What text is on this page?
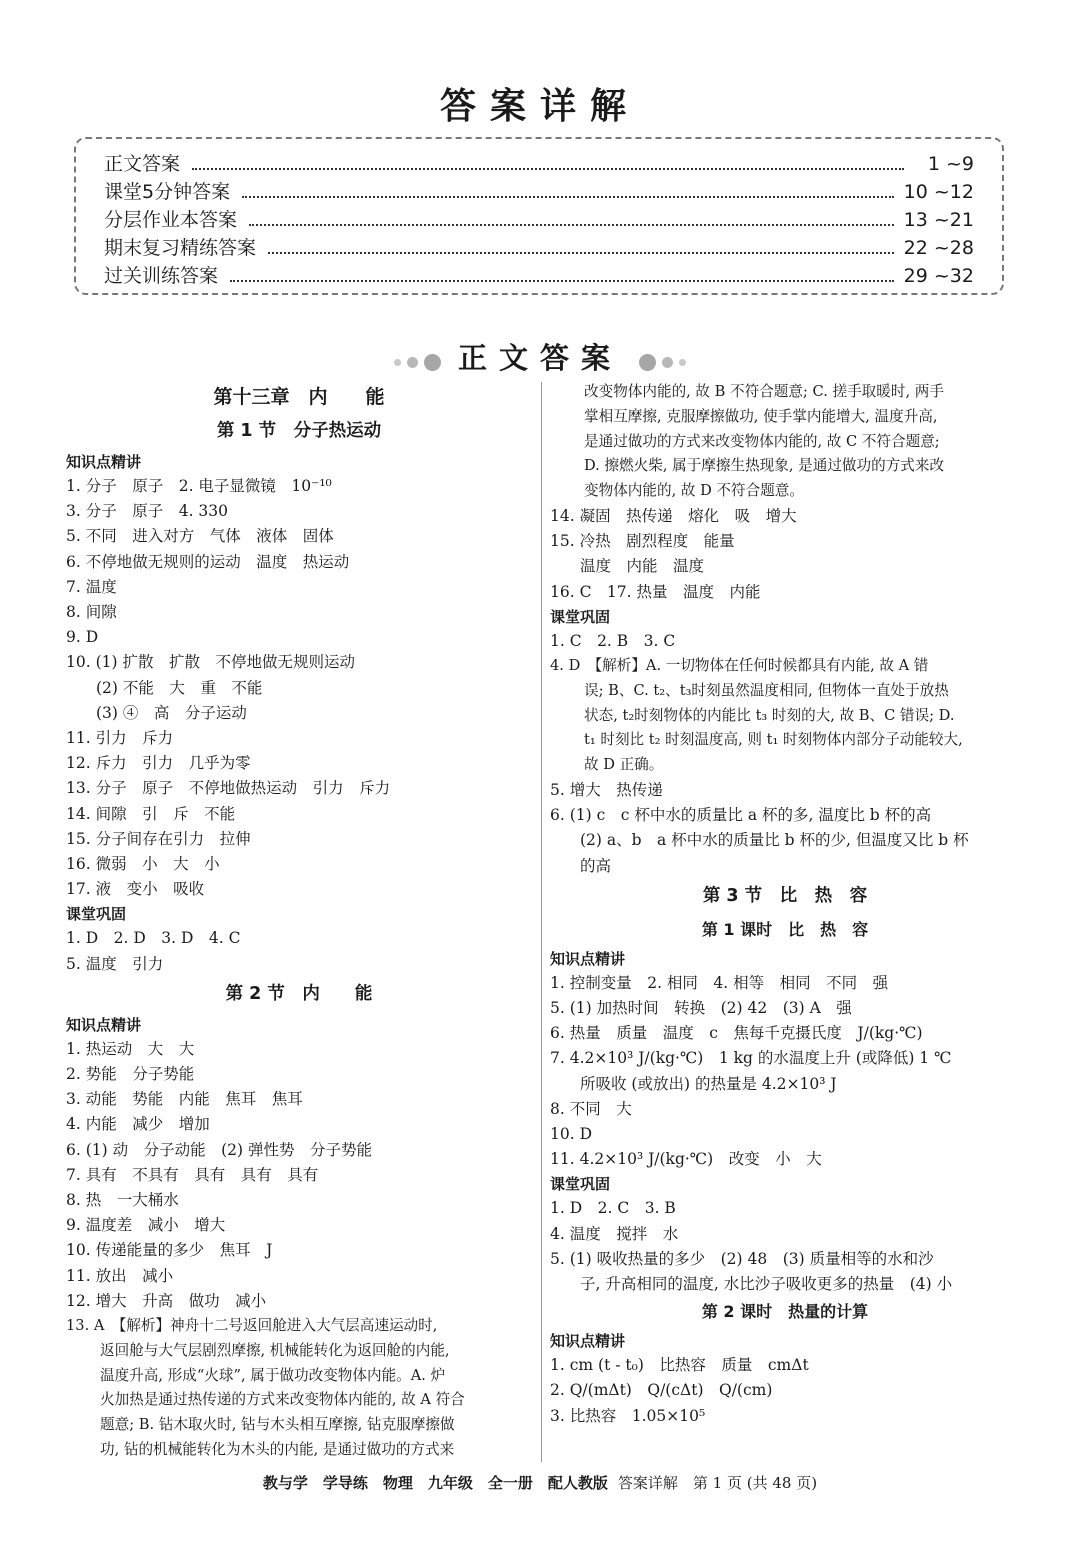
答案详解
正文答案	1 ~9
课堂5分钟答案	10 ~12
分层作业本答案	13 ~21
期末复习精练答案	22 ~28
过关训练答案	29 ~32
正文答案
第十三章　内　　能
第 1 节　分子热运动
知识点精讲
1. 分子　原子　2. 电子显微镜　10⁻¹⁰
3. 分子　原子　4. 330
5. 不同　进入对方　气体　液体　固体
6. 不停地做无规则的运动　温度　热运动
7. 温度
8. 间隙
9. D
10. (1) 扩散　扩散　不停地做无规则运动
(2) 不能　大　重　不能
(3) ④　高　分子运动
11. 引力　斥力
12. 斥力　引力　几乎为零
13. 分子　原子　不停地做热运动　引力　斥力
14. 间隙　引　斥　不能
15. 分子间存在引力　拉伸
16. 微弱　小　大　小
17. 液　变小　吸收
课堂巩固
1. D　2. D　3. D　4. C
5. 温度　引力
第 2 节　内　　能
知识点精讲
1. 热运动　大　大
2. 势能　分子势能
3. 动能　势能　内能　焦耳　焦耳
4. 内能　减少　增加
6. (1) 动　分子动能　(2) 弹性势　分子势能
7. 具有　不具有　具有　具有　具有
8. 热　一大桶水
9. 温度差　减小　增大
10. 传递能量的多少　焦耳　J
11. 放出　减小
12. 增大　升高　做功　减小
13. A　【解析】神舟十二号返回舱进入大气层高速运动时,
返回舱与大气层剧烈摩擦, 机械能转化为返回舱的内能,
温度升高, 形成“火球”, 属于做功改变物体内能。A. 炉
火加热是通过热传递的方式来改变物体内能的, 故 A 符合
题意; B. 钻木取火时, 钻与木头相互摩擦, 钻克服摩擦做
功, 钻的机械能转化为木头的内能, 是通过做功的方式来
改变物体内能的, 故 B 不符合题意; C. 搓手取暖时, 两手
掌相互摩擦, 克服摩擦做功, 使手掌内能增大, 温度升高,
是通过做功的方式来改变物体内能的, 故 C 不符合题意;
D. 擦燃火柴, 属于摩擦生热现象, 是通过做功的方式来改
变物体内能的, 故 D 不符合题意。
14. 凝固　热传递　熔化　吸　增大
15. 冷热　剧烈程度　能量
温度　内能　温度
16. C　17. 热量　温度　内能
课堂巩固
1. C　2. B　3. C
4. D　【解析】A. 一切物体在任何时候都具有内能, 故 A 错
误; B、C. t₂、t₃时刻虽然温度相同, 但物体一直处于放热
状态, t₂时刻物体的内能比 t₃ 时刻的大, 故 B、C 错误; D.
t₁ 时刻比 t₂ 时刻温度高, 则 t₁ 时刻物体内部分子动能较大,
故 D 正确。
5. 增大　热传递
6. (1) c　c 杯中水的质量比 a 杯的多, 温度比 b 杯的高
(2) a、b　a 杯中水的质量比 b 杯的少, 但温度又比 b 杯
的高
第 3 节　比　热　容
第 1 课时　比　热　容
知识点精讲
1. 控制变量　2. 相同　4. 相等　相同　不同　强
5. (1) 加热时间　转换　(2) 42　(3) A　强
6. 热量　质量　温度　c　焦每千克摄氏度　J/(kg·℃)
7. 4.2×10³ J/(kg·℃)　1 kg 的水温度上升 (或降低) 1 ℃
所吸收 (或放出) 的热量是 4.2×10³ J
8. 不同　大
10. D
11. 4.2×10³ J/(kg·℃)　改变　小　大
课堂巩固
1. D　2. C　3. B
4. 温度　搅拌　水
5. (1) 吸收热量的多少　(2) 48　(3) 质量相等的水和沙
子, 升高相同的温度, 水比沙子吸收更多的热量　(4) 小
第 2 课时　热量的计算
知识点精讲
1. cm (t - t₀)　比热容　质量　cmΔt
2. Q/(mΔt)　Q/(cΔt)　Q/(cm)
3. 比热容　1.05×10⁵
教与学　学导练　物理　九年级　全一册　配人教版 答案详解　第 1 页 (共 48 页)
